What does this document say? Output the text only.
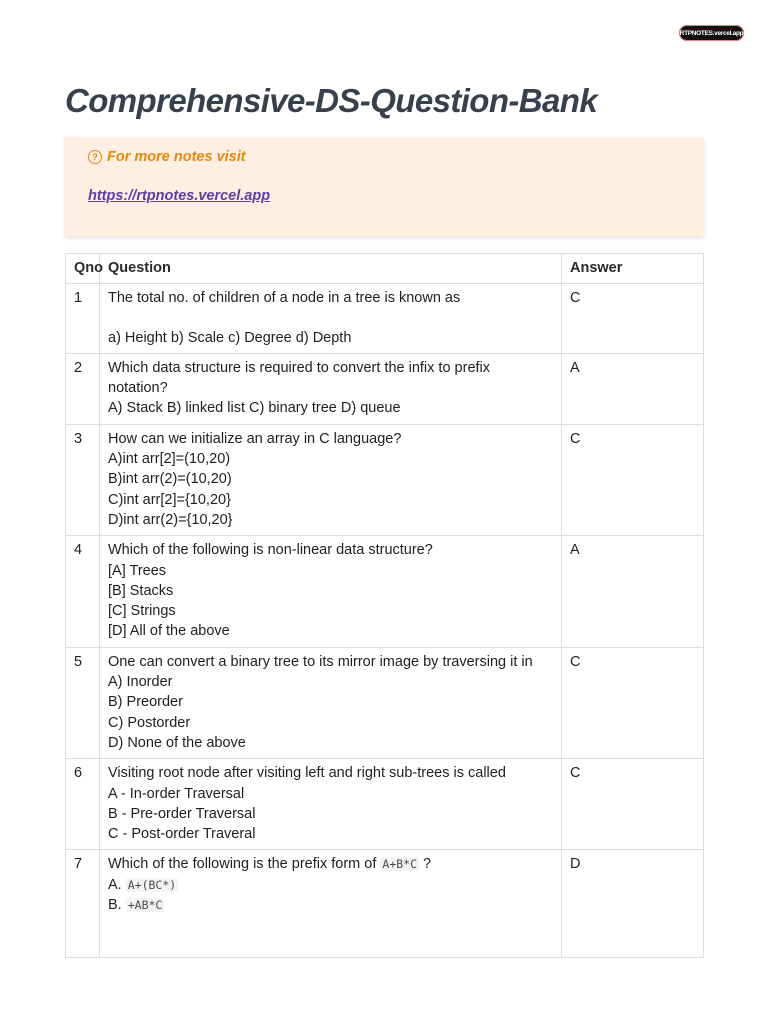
RTPNOTES.vercel.app
Comprehensive-DS-Question-Bank
? For more notes visit
https://rtpnotes.vercel.app
Qno	Question	Answer
1	The total no. of children of a node in a tree is known as
a) Height b) Scale c) Degree d) Depth	C
2	Which data structure is required to convert the infix to prefix notation?
A) Stack B) linked list C) binary tree D) queue	A
3	How can we initialize an array in C language?
A)int arr[2]=(10,20)
B)int arr(2)=(10,20)
C)int arr[2]={10,20}
D)int arr(2)={10,20}	C
4	Which of the following is non-linear data structure?
[A] Trees
[B] Stacks
[C] Strings
[D] All of the above	A
5	One can convert a binary tree to its mirror image by traversing it in
A) Inorder
B) Preorder
C) Postorder
D) None of the above	C
6	Visiting root node after visiting left and right sub-trees is called
A - In-order Traversal
B - Pre-order Traversal
C - Post-order Traveral	C
7	Which of the following is the prefix form of A+B*C ?
A. A+(BC*)
B. +AB*C	D
